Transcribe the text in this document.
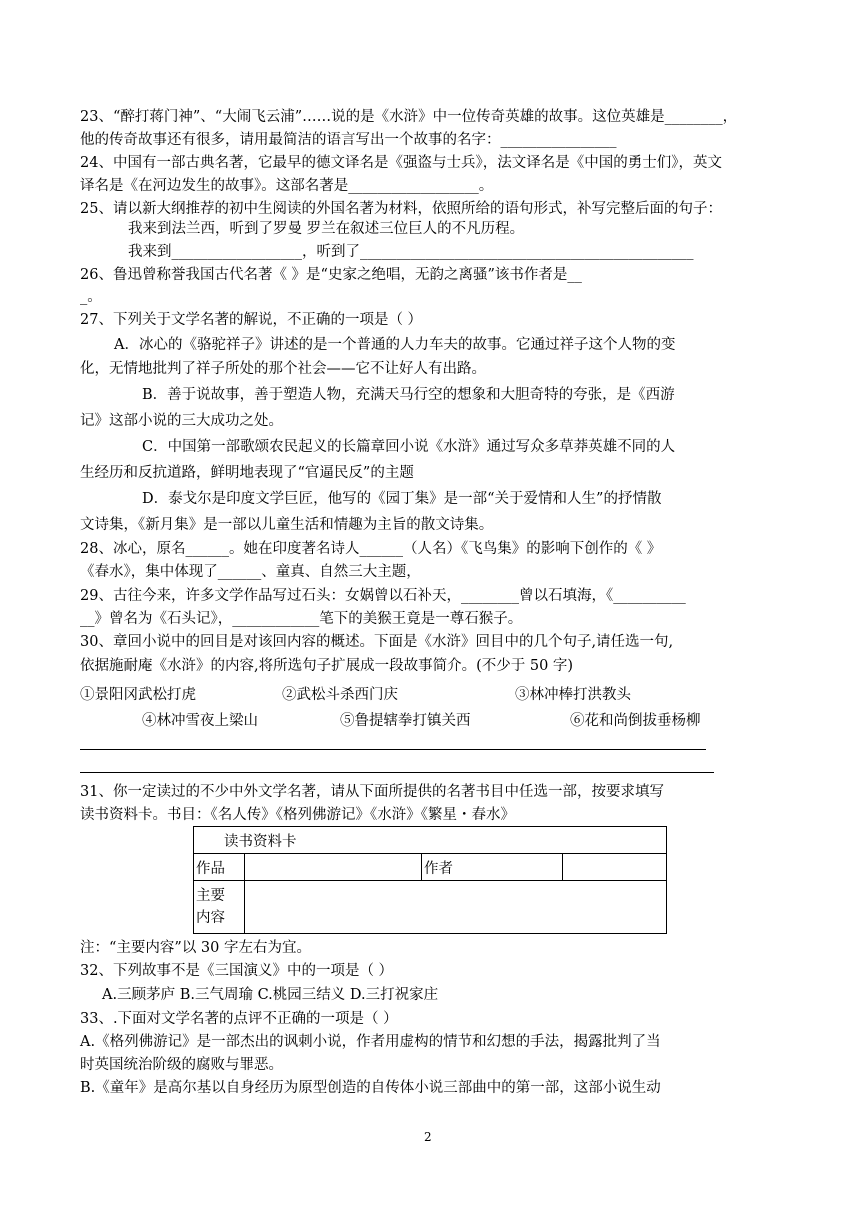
23、“醉打蒋门神”、“大闹飞云浦”……说的是《水浒》中一位传奇英雄的故事。这位英雄是________，
他的传奇故事还有很多，请用最简洁的语言写出一个故事的名字：________________
24、中国有一部古典名著，它最早的德文译名是《强盗与士兵》，法文译名是《中国的勇士们》，英文
译名是《在河边发生的故事》。这部名著是__________________。
25、请以新大纲推荐的初中生阅读的外国名著为材料，依照所给的语句形式，补写完整后面的句子：
我来到法兰西，听到了罗曼 罗兰在叙述三位巨人的不凡历程。
我来到__________________，听到了______________________________________________
26、鲁迅曾称誉我国古代名著《 》是“史家之绝唱，无韵之离骚”该书作者是__
_。
27、下列关于文学名著的解说，不正确的一项是（ ）
A．冰心的《骆驼祥子》讲述的是一个普通的人力车夫的故事。它通过祥子这个人物的变
化，无情地批判了祥子所处的那个社会——它不让好人有出路。
B．善于说故事，善于塑造人物，充满天马行空的想象和大胆奇特的夸张，是《西游
记》这部小说的三大成功之处。
C．中国第一部歌颂农民起义的长篇章回小说《水浒》通过写众多草莽英雄不同的人
生经历和反抗道路，鲜明地表现了“官逼民反”的主题
D．泰戈尔是印度文学巨匠，他写的《园丁集》是一部“关于爱情和人生”的抒情散
文诗集，《新月集》是一部以儿童生活和情趣为主旨的散文诗集。
28、冰心，原名______。她在印度著名诗人______（人名）《飞鸟集》的影响下创作的《 》
《春水》，集中体现了______、童真、自然三大主题，
29、古往今来，许多文学作品写过石头：女娲曾以石补天，________曾以石填海，《__________
__》曾名为《石头记》，____________笔下的美猴王竟是一尊石猴子。
30、章回小说中的回目是对该回内容的概述。下面是《水浒》回目中的几个句子,请任选一句,
依据施耐庵《水浒》的内容,将所选句子扩展成一段故事简介。(不少于 50 字)
①景阳冈武松打虎	②武松斗杀西门庆	③林冲棒打洪教头
④林冲雪夜上梁山	⑤鲁提辖拳打镇关西	⑥花和尚倒拔垂杨柳
31、你一定读过的不少中外文学名著，请从下面所提供的名著书目中任选一部，按要求填写
读书资料卡。书目：《名人传》《格列佛游记》《水浒》《繁星・春水》
读书资料卡			
作品		作者	

主要
内容			

注：“主要内容”以 30 字左右为宜。
32、下列故事不是《三国演义》中的一项是（ ）
A.三顾茅庐 B.三气周瑜 C.桃园三结义 D.三打祝家庄
33、.下面对文学名著的点评不正确的一项是（ ）
A.《格列佛游记》是一部杰出的讽刺小说，作者用虚构的情节和幻想的手法，揭露批判了当
时英国统治阶级的腐败与罪恶。
B.《童年》是高尔基以自身经历为原型创造的自传体小说三部曲中的第一部，这部小说生动
2
